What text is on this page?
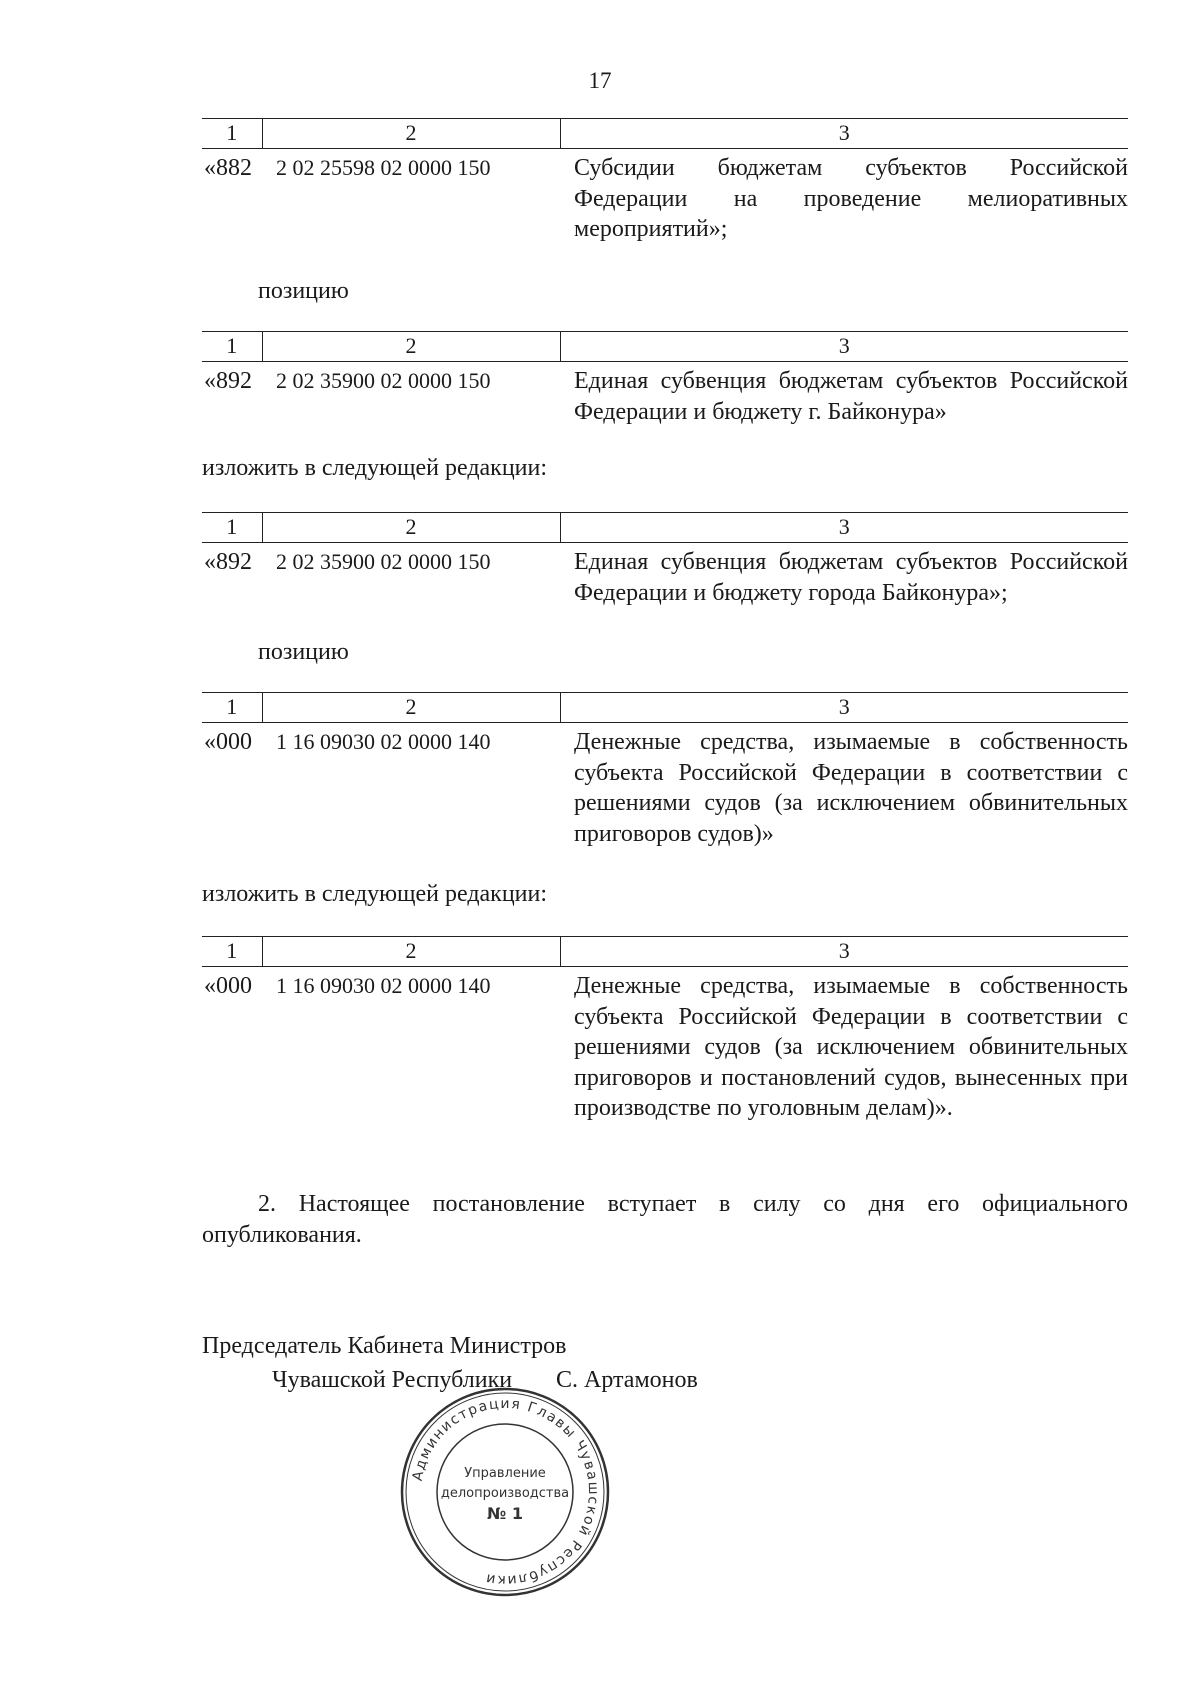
17
1	2	3
«882	2 02 25598 02 0000 150	Субсидии бюджетам субъектов Российской Федерации на проведение мелиоративных мероприятий»;
позицию
1	2	3
«892	2 02 35900 02 0000 150	Единая субвенция бюджетам субъектов Российской Федерации и бюджету г. Байконура»
изложить в следующей редакции:
1	2	3
«892	2 02 35900 02 0000 150	Единая субвенция бюджетам субъектов Российской Федерации и бюджету города Байконура»;
позицию
1	2	3
«000	1 16 09030 02 0000 140	Денежные средства, изымаемые в собственность субъекта Российской Федерации в соответствии с решениями судов (за исключением обвинительных приговоров судов)»
изложить в следующей редакции:
1	2	3
«000	1 16 09030 02 0000 140	Денежные средства, изымаемые в собственность субъекта Российской Федерации в соответствии с решениями судов (за исключением обвинительных приговоров и постановлений судов, вынесенных при производстве по уголовным делам)».

2. Настоящее постановление вступает в силу со дня его официального опубликования.

Председатель Кабинета Министров
Чувашской Республики С. Артамонов
Администрация Главы Чувашской Республики
Управление
делопроизводства
№ 1
